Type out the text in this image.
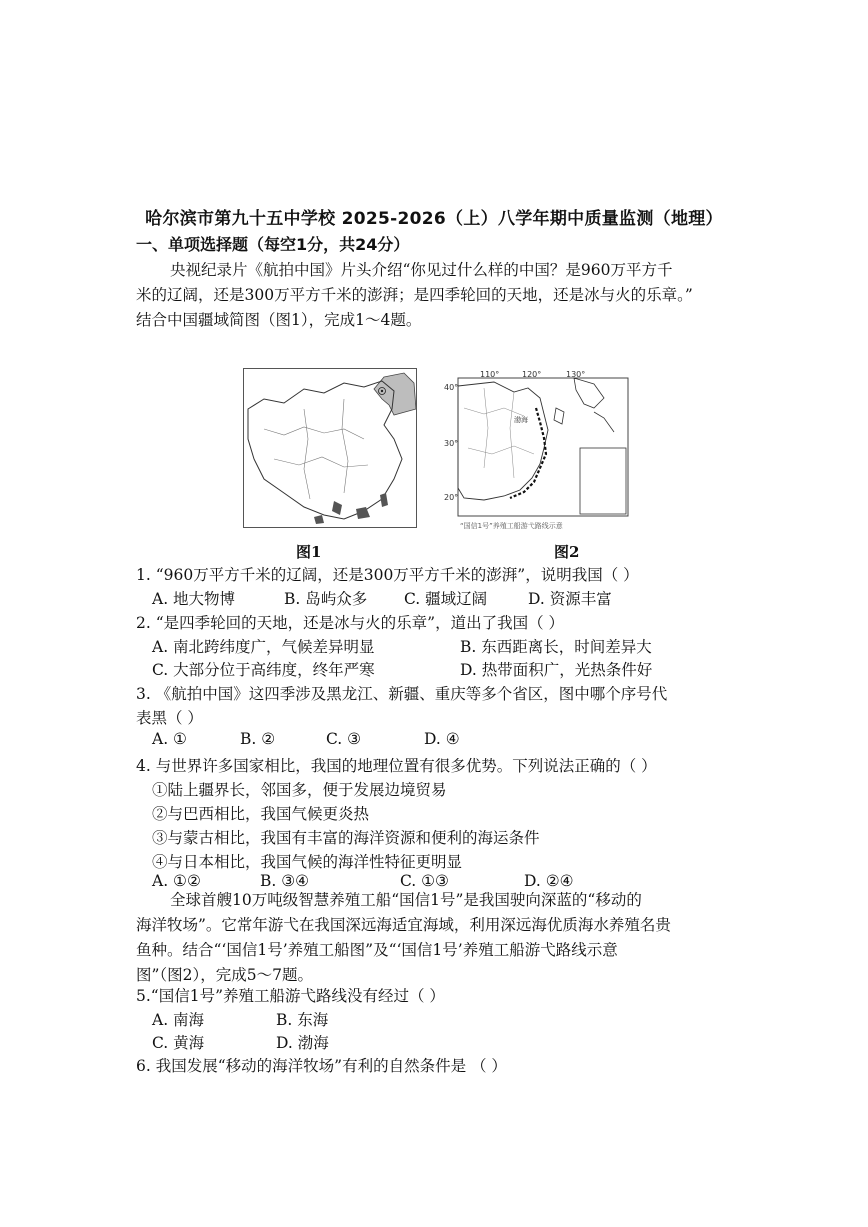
哈尔滨市第九十五中学校 2025-2026（上）八学年期中质量监测（地理）
一、单项选择题（每空1分，共24分）
央视纪录片《航拍中国》片头介绍“你见过什么样的中国？是960万平方千
米的辽阔，还是300万平方千米的澎湃；是四季轮回的天地，还是冰与火的乐章。”
结合中国疆域简图（图1），完成1～4题。
图1
110°	120°	130°
40°
30°
20°
渤海
“国信1号”养殖工船游弋路线示意
图2
1. “960万平方千米的辽阔，还是300万平方千米的澎湃”，说明我国（ ）
A. 地大物博	B. 岛屿众多 C. 疆域辽阔	D. 资源丰富
2. “是四季轮回的天地，还是冰与火的乐章”，道出了我国（ ）
A. 南北跨纬度广，气候差异明显	B. 东西距离长，时间差异大
C. 大部分位于高纬度，终年严寒	D. 热带面积广，光热条件好
3. 《航拍中国》这四季涉及黑龙江、新疆、重庆等多个省区，图中哪个序号代
表黑（ ）
A. ①	B. ②	C. ③	D. ④
4. 与世界许多国家相比，我国的地理位置有很多优势。下列说法正确的（ ）
①陆上疆界长，邻国多，便于发展边境贸易
②与巴西相比，我国气候更炎热
③与蒙古相比，我国有丰富的海洋资源和便利的海运条件
④与日本相比，我国气候的海洋性特征更明显
A. ①②	B. ③④	C. ①③	D. ②④
全球首艘10万吨级智慧养殖工船“国信1号”是我国驶向深蓝的“移动的
海洋牧场”。它常年游弋在我国深远海适宜海域，利用深远海优质海水养殖名贵
鱼种。结合“‘国信1号’养殖工船图”及“‘国信1号’养殖工船游弋路线示意
图”（图2），完成5～7题。
5.“国信1号”养殖工船游弋路线没有经过（ ）
A. 南海	B. 东海
C. 黄海	D. 渤海
6. 我国发展“移动的海洋牧场”有利的自然条件是 （ ）
